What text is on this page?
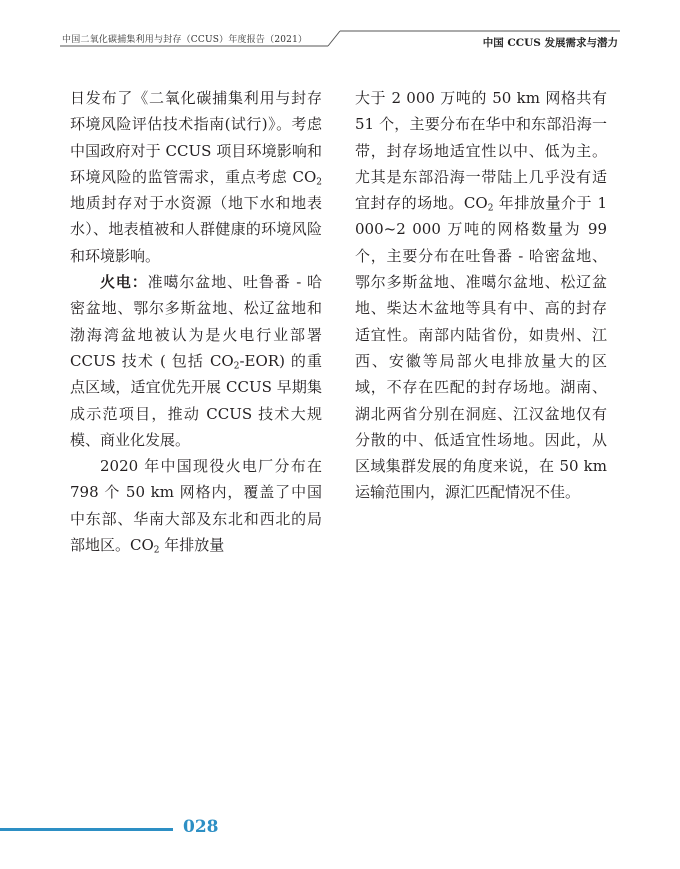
中国二氧化碳捕集利用与封存（CCUS）年度报告（2021）	中国 CCUS 发展需求与潜力

日发布了《二氧化碳捕集利用与封存环境风险评估技术指南(试行)》。考虑中国政府对于 CCUS 项目环境影响和环境风险的监管需求，重点考虑 $CO_2$ 地质封存对于水资源（地下水和地表水）、地表植被和人群健康的环境风险和环境影响。

火电：准噶尔盆地、吐鲁番 - 哈密盆地、鄂尔多斯盆地、松辽盆地和渤海湾盆地被认为是火电行业部署 CCUS 技术 ( 包括 $CO_2-EOR$) 的重点区域，适宜优先开展 CCUS 早期集成示范项目，推动 CCUS 技术大规模、商业化发展。

2020 年中国现役火电厂分布在 798 个 50 km 网格内，覆盖了中国中东部、华南大部及东北和西北的局部地区。$CO_2$ 年排放量

大于 2 000 万吨的 50 km 网格共有 51 个，主要分布在华中和东部沿海一带，封存场地适宜性以中、低为主。尤其是东部沿海一带陆上几乎没有适宜封存的场地。$CO_2$ 年排放量介于 1 000~2 000 万吨的网格数量为 99 个，主要分布在吐鲁番 - 哈密盆地、鄂尔多斯盆地、准噶尔盆地、松辽盆地、柴达木盆地等具有中、高的封存适宜性。南部内陆省份，如贵州、江西、安徽等局部火电排放量大的区域，不存在匹配的封存场地。湖南、湖北两省分别在洞庭、江汉盆地仅有分散的中、低适宜性场地。因此，从区域集群发展的角度来说，在 50 km 运输范围内，源汇匹配情况不佳。

028
